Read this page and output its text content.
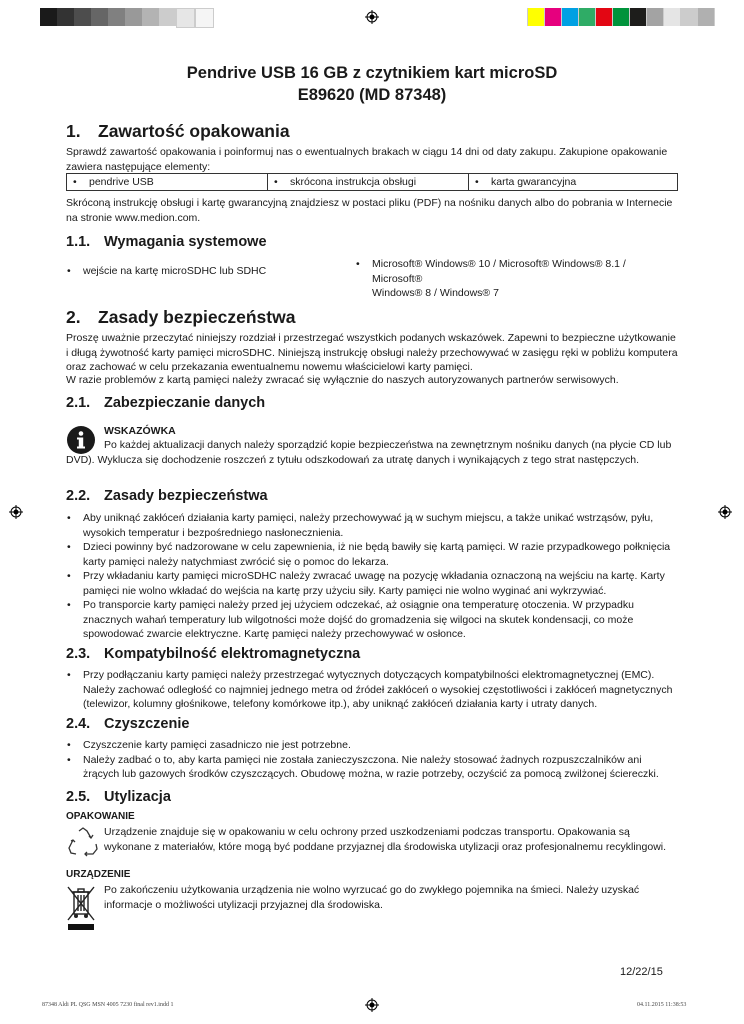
Pendrive USB 16 GB z czytnikiem kart microSD
E89620 (MD 87348)
1. Zawartość opakowania

Sprawdź zawartość opakowania i poinformuj nas o ewentualnych brakach w ciągu 14 dni od daty zakupu. Zakupione opakowanie zawiera następujące elementy:

• pendrive USB	• skrócona instrukcja obsługi	• karta gwarancyjna

Skróconą instrukcję obsługi i kartę gwarancyjną znajdziesz w postaci pliku (PDF) na nośniku danych albo do pobrania w Internecie na stronie www.medion.com.

1.1. Wymagania systemowe
• wejście na kartę microSDHC lub SDHC
• Microsoft® Windows® 10 / Microsoft® Windows® 8.1 / Microsoft®
Windows® 8 / Windows® 7
2. Zasady bezpieczeństwa

Proszę uważnie przeczytać niniejszy rozdział i przestrzegać wszystkich podanych wskazówek. Zapewni to bezpieczne użytkowanie i długą żywotność karty pamięci microSDHC. Niniejszą instrukcję obsługi należy przechowywać w zasięgu ręki w pobliżu komputera oraz zachować w celu przekazania ewentualnemu nowemu właścicielowi karty pamięci.

W razie problemów z kartą pamięci należy zwracać się wyłącznie do naszych autoryzowanych partnerów serwisowych.

2.1. Zabezpieczanie danych
WSKAZÓWKA

Po każdej aktualizacji danych należy sporządzić kopie bezpieczeństwa na zewnętrznym nośniku danych (na płycie CD lub DVD). Wyklucza się dochodzenie roszczeń z tytułu odszkodowań za utratę danych i wynikających z tego strat następczych.

2.2. Zasady bezpieczeństwa
• Aby uniknąć zakłóceń działania karty pamięci, należy przechowywać ją w suchym miejscu, a także unikać wstrząsów, pyłu, wysokich temperatur i bezpośredniego nasłonecznienia.
• Dzieci powinny być nadzorowane w celu zapewnienia, iż nie będą bawiły się kartą pamięci. W razie przypadkowego połknięcia karty pamięci należy natychmiast zwrócić się o pomoc do lekarza.
• Przy wkładaniu karty pamięci microSDHC należy zwracać uwagę na pozycję wkładania oznaczoną na wejściu na kartę. Karty pamięci nie wolno wkładać do wejścia na kartę przy użyciu siły. Karty pamięci nie wolno wyginać ani wykrzywiać.
• Po transporcie karty pamięci należy przed jej użyciem odczekać, aż osiągnie ona temperaturę otoczenia. W przypadku znacznych wahań temperatury lub wilgotności może dojść do gromadzenia się wilgoci na skutek kondensacji, co może spowodować zwarcie elektryczne. Kartę pamięci należy przechowywać w osłonce.
2.3. Kompatybilność elektromagnetyczna
• Przy podłączaniu karty pamięci należy przestrzegać wytycznych dotyczących kompatybilności elektromagnetycznej (EMC). Należy zachować odległość co najmniej jednego metra od źródeł zakłóceń o wysokiej częstotliwości i zakłóceń magnetycznych (telewizor, kolumny głośnikowe, telefony komórkowe itp.), aby uniknąć zakłóceń działania karty i utraty danych.
2.4. Czyszczenie
• Czyszczenie karty pamięci zasadniczo nie jest potrzebne.
• Należy zadbać o to, aby karta pamięci nie została zanieczyszczona. Nie należy stosować żadnych rozpuszczalników ani żrących lub gazowych środków czyszczących. Obudowę można, w razie potrzeby, oczyścić za pomocą zwilżonej ściereczki.
2.5. Utylizacja
OPAKOWANIE

Urządzenie znajduje się w opakowaniu w celu ochrony przed uszkodzeniami podczas transportu. Opakowania są wykonane z materiałów, które mogą być poddane przyjaznej dla środowiska utylizacji oraz profesjonalnemu recyklingowi.

URZĄDZENIE

Po zakończeniu użytkowania urządzenia nie wolno wyrzucać go do zwykłego pojemnika na śmieci. Należy uzyskać informacje o możliwości utylizacji przyjaznej dla środowiska.

12/22/15
87348 Aldi PL QSG MSN 4005 7230 final rev1.indd 1	04.11.2015 11:38:53
